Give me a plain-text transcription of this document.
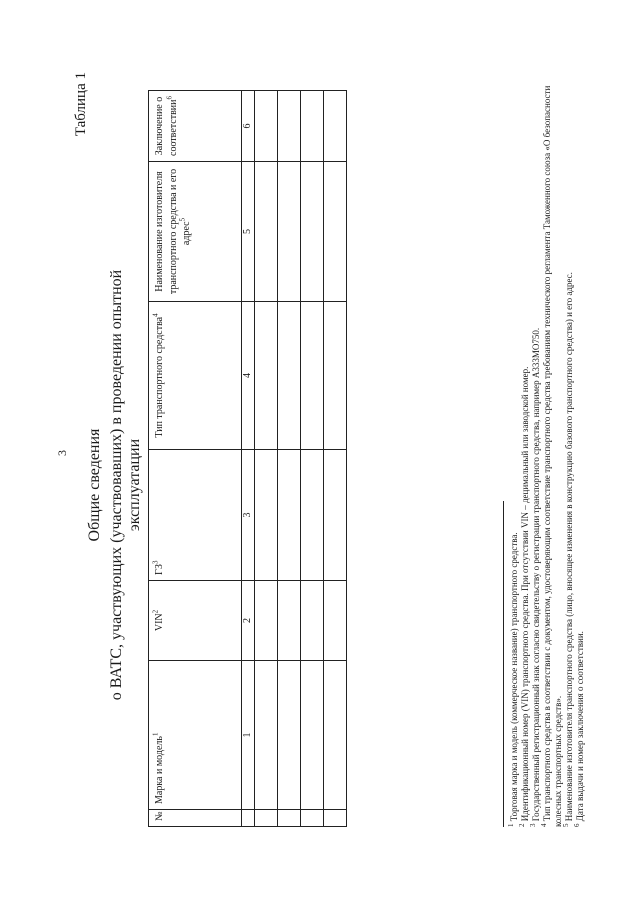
3
Таблица 1
Общие сведения о ВАТС, участвующих (участвовавших) в проведении опытной эксплуатации
№	Марка и модель$^1$	VIN$^2$	$ГЗ^3$	Тип транспортного средства$^4$	Наименование изготовителя транспортного средства и его адрес$^5$	Заключение о соответствии$^6$
	1	2	3	4	5	6

$^1$ Торговая марка и модель (коммерческое название) транспортного средства.
$^2$ Идентификационный номер (VIN) транспортного средства. При отсутствии VIN – децимальный или заводской номер.
$^3$ Государственный регистрационный знак согласно свидетельству о регистрации транспортного средства, например А333МО750.
$^4$ Тип транспортного средства в соответствии с документом, удостоверяющим соответствие транспортного средства требованиям технического регламента Таможенного союза «О безопасности колесных транспортных средств». $^5$ Наименование изготовителя транспортного средства (лицо, вносящее изменения в конструкцию базового транспортного средства) и его адрес.
$^6$ Дата выдачи и номер заключения о соответствии.
